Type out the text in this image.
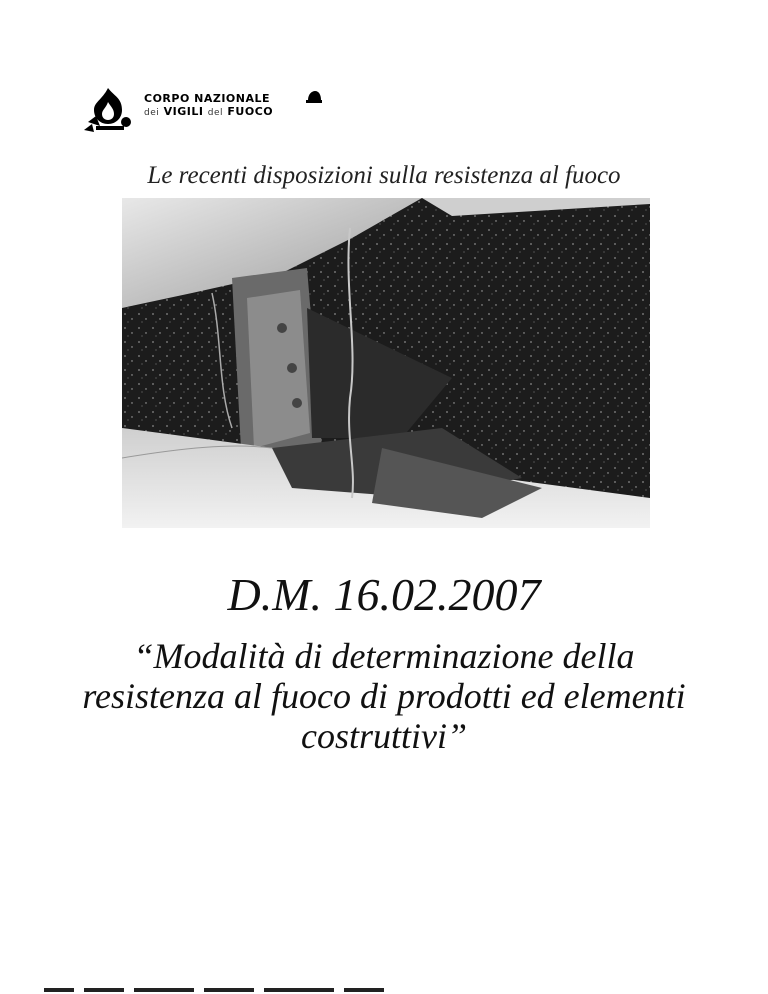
CORPO NAZIONALE
dei VIGILI del FUOCO
Le recenti disposizioni sulla resistenza al fuoco
D.M. 16.02.2007
“Modalità di determinazione della
resistenza al fuoco di prodotti ed elementi
costruttivi”
